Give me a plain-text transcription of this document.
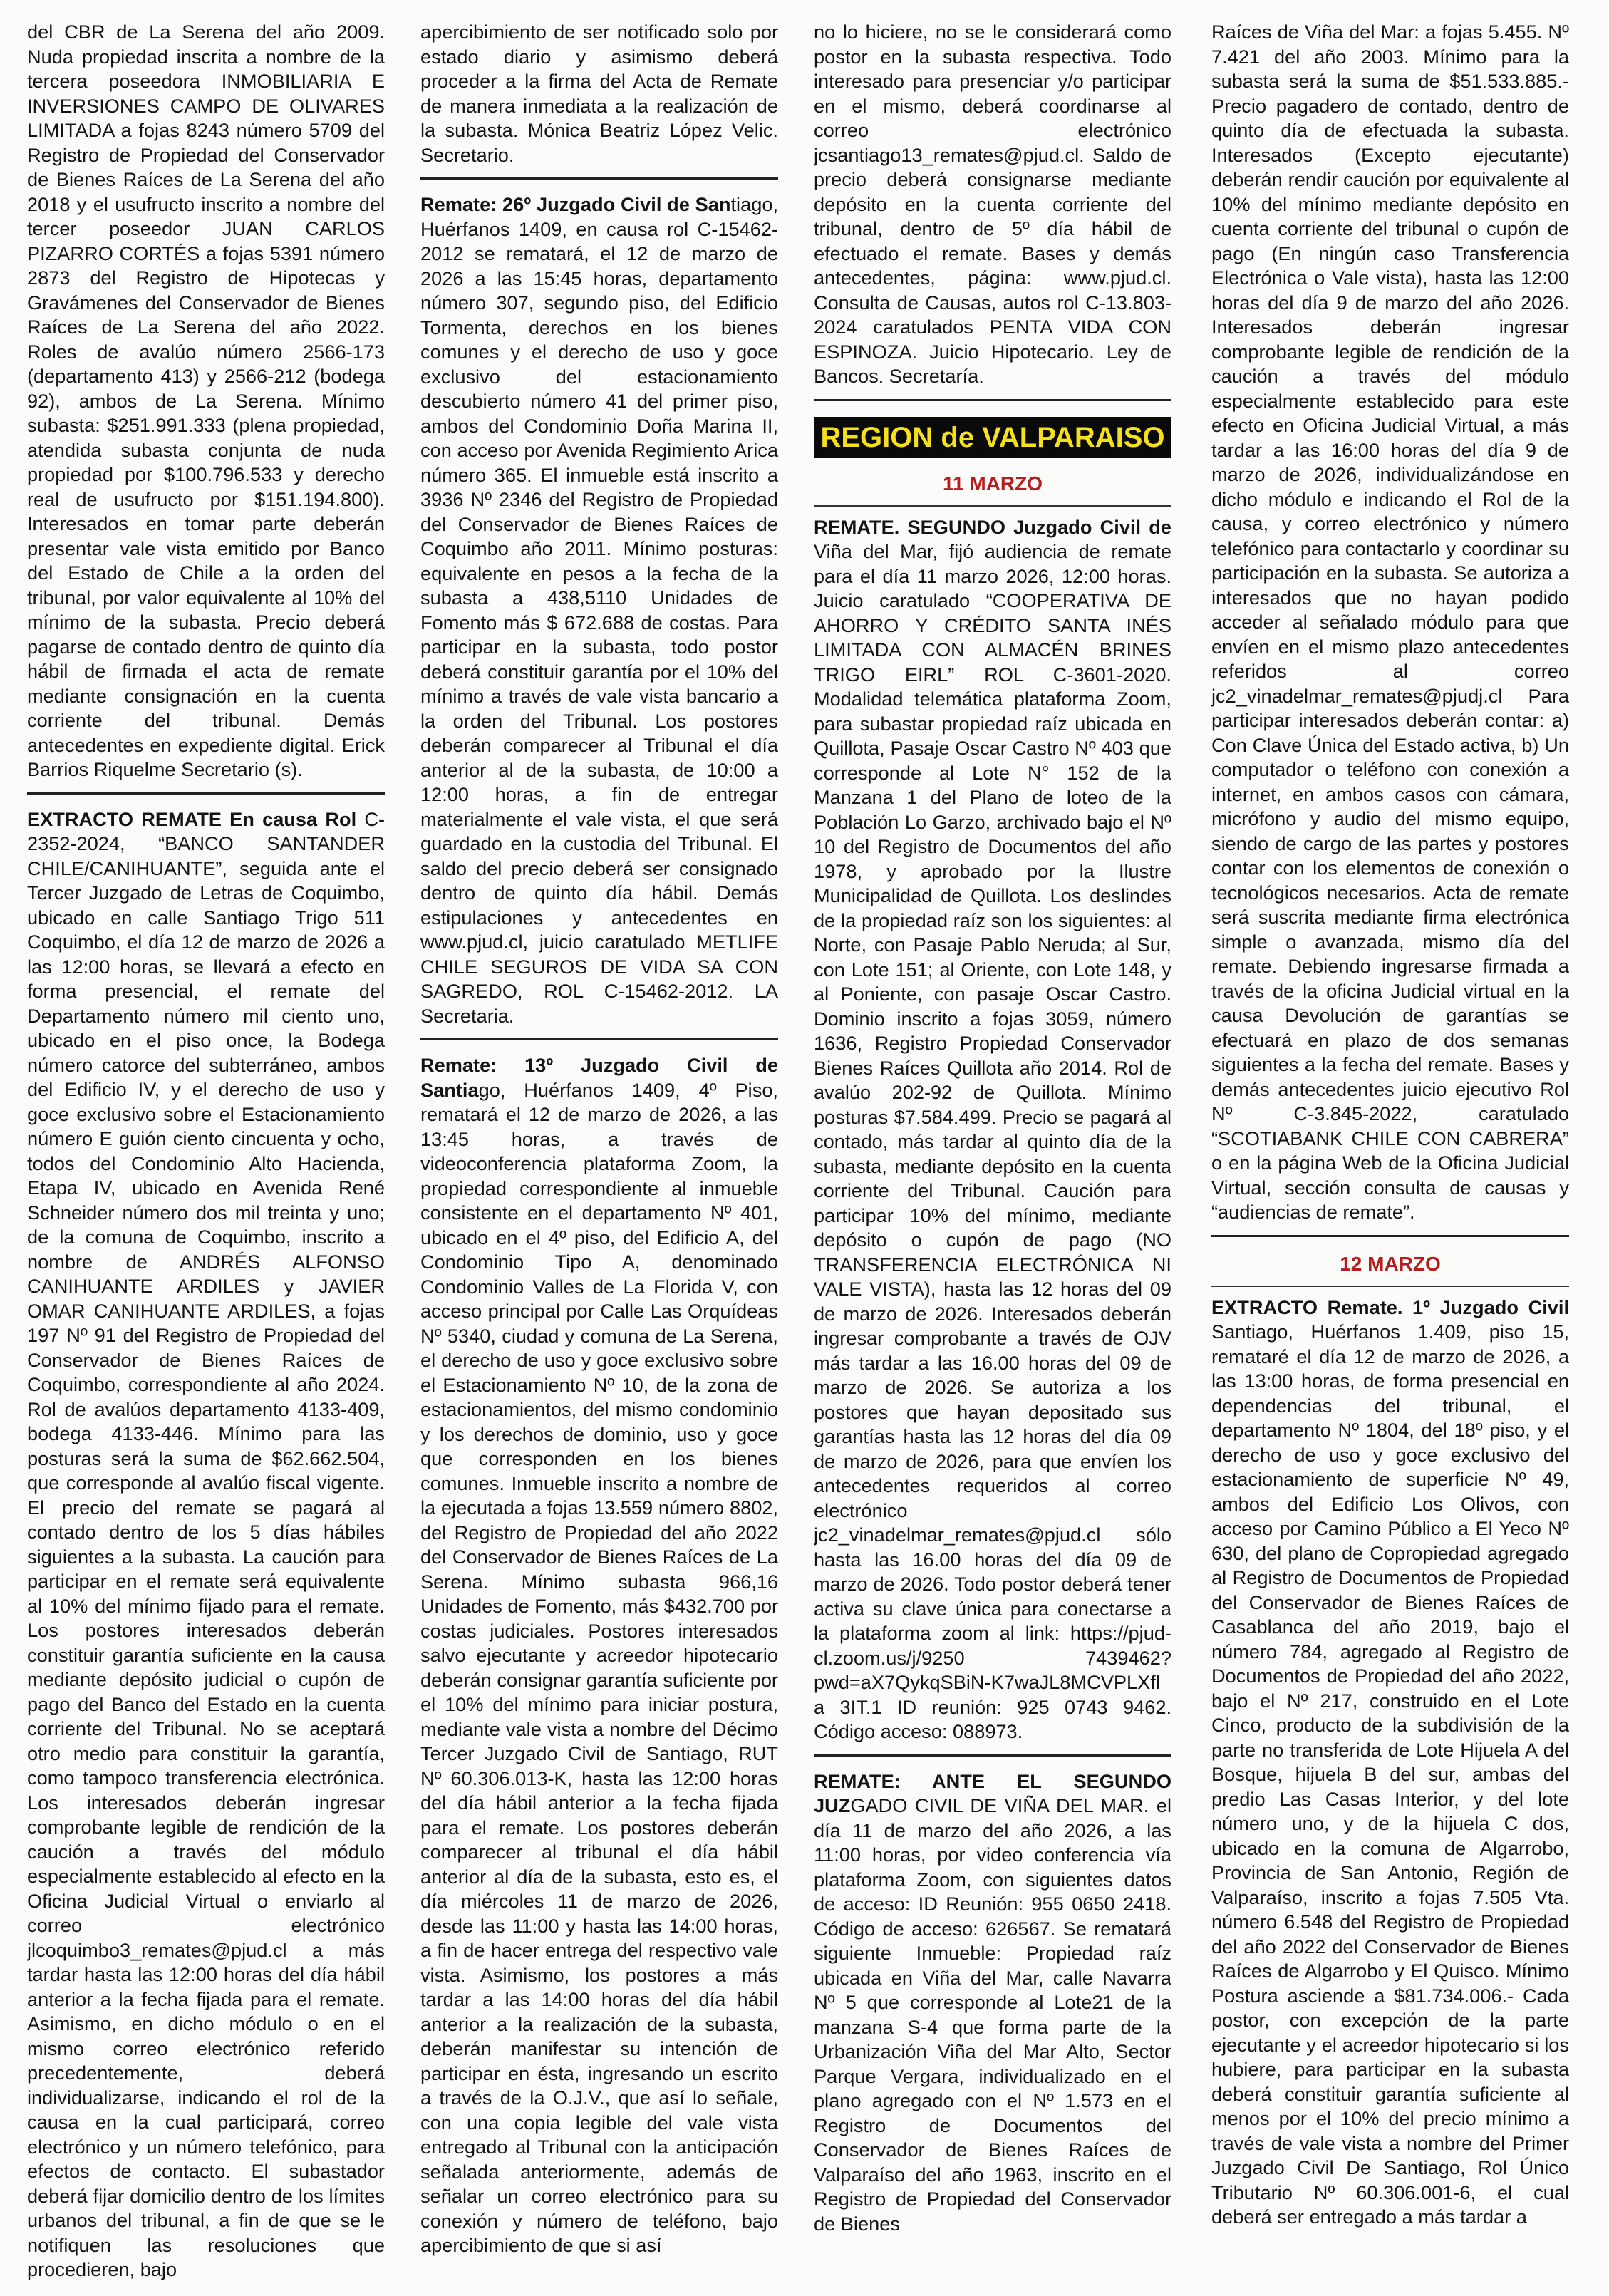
del CBR de La Serena del año 2009. Nuda propiedad inscrita a nombre de la tercera poseedora INMOBILIARIA E INVERSIONES CAMPO DE OLIVARES LIMITADA a fojas 8243 número 5709 del Registro de Propiedad del Conservador de Bienes Raíces de La Serena del año 2018 y el usufructo inscrito a nombre del tercer poseedor JUAN CARLOS PIZARRO CORTÉS a fojas 5391 número 2873 del Registro de Hipotecas y Gravámenes del Conservador de Bienes Raíces de La Serena del año 2022. Roles de avalúo número 2566-173 (departamento 413) y 2566-212 (bodega 92), ambos de La Serena. Mínimo subasta: $251.991.333 (plena propiedad, atendida subasta conjunta de nuda propiedad por $100.796.533 y derecho real de usufructo por $151.194.800). Interesados en tomar parte deberán presentar vale vista emitido por Banco del Estado de Chile a la orden del tribunal, por valor equivalente al 10% del mínimo de la subasta. Precio deberá pagarse de contado dentro de quinto día hábil de firmada el acta de remate mediante consignación en la cuenta corriente del tribunal. Demás antecedentes en expediente digital. Erick Barrios Riquelme Secretario (s).

EXTRACTO REMATE En causa Rol C-2352-2024, “BANCO SANTANDER CHILE/CANIHUANTE”, seguida ante el Tercer Juzgado de Letras de Coquimbo, ubicado en calle Santiago Trigo 511 Coquimbo, el día 12 de marzo de 2026 a las 12:00 horas, se llevará a efecto en forma presencial, el remate del Departamento número mil ciento uno, ubicado en el piso once, la Bodega número catorce del subterráneo, ambos del Edificio IV, y el derecho de uso y goce exclusivo sobre el Estacionamiento número E guión ciento cincuenta y ocho, todos del Condominio Alto Hacienda, Etapa IV, ubicado en Avenida René Schneider número dos mil treinta y uno; de la comuna de Coquimbo, inscrito a nombre de ANDRÉS ALFONSO CANIHUANTE ARDILES y JAVIER OMAR CANIHUANTE ARDILES, a fojas 197 Nº 91 del Registro de Propiedad del Conservador de Bienes Raíces de Coquimbo, correspondiente al año 2024. Rol de avalúos departamento 4133-409, bodega 4133-446. Mínimo para las posturas será la suma de $62.662.504, que corresponde al avalúo fiscal vigente. El precio del remate se pagará al contado dentro de los 5 días hábiles siguientes a la subasta. La caución para participar en el remate será equivalente al 10% del mínimo fijado para el remate. Los postores interesados deberán constituir garantía suficiente en la causa mediante depósito judicial o cupón de pago del Banco del Estado en la cuenta corriente del Tribunal. No se aceptará otro medio para constituir la garantía, como tampoco transferencia electrónica. Los interesados deberán ingresar comprobante legible de rendición de la caución a través del módulo especialmente establecido al efecto en la Oficina Judicial Virtual o enviarlo al correo electrónico jlcoquimbo3_remates@pjud.cl a más tardar hasta las 12:00 horas del día hábil anterior a la fecha fijada para el remate. Asimismo, en dicho módulo o en el mismo correo electrónico referido precedentemente, deberá individualizarse, indicando el rol de la causa en la cual participará, correo electrónico y un número telefónico, para efectos de contacto. El subastador deberá fijar domicilio dentro de los límites urbanos del tribunal, a fin de que se le notifiquen las resoluciones que procedieren, bajo

apercibimiento de ser notificado solo por estado diario y asimismo deberá proceder a la firma del Acta de Remate de manera inmediata a la realización de la subasta. Mónica Beatriz López Velic. Secretario.

Remate: 26º Juzgado Civil de Santiago, Huérfanos 1409, en causa rol C-15462-2012 se rematará, el 12 de marzo de 2026 a las 15:45 horas, departamento número 307, segundo piso, del Edificio Tormenta, derechos en los bienes comunes y el derecho de uso y goce exclusivo del estacionamiento descubierto número 41 del primer piso, ambos del Condominio Doña Marina II, con acceso por Avenida Regimiento Arica número 365. El inmueble está inscrito a 3936 Nº 2346 del Registro de Propiedad del Conservador de Bienes Raíces de Coquimbo año 2011. Mínimo posturas: equivalente en pesos a la fecha de la subasta a 438,5110 Unidades de Fomento más $ 672.688 de costas. Para participar en la subasta, todo postor deberá constituir garantía por el 10% del mínimo a través de vale vista bancario a la orden del Tribunal. Los postores deberán comparecer al Tribunal el día anterior al de la subasta, de 10:00 a 12:00 horas, a fin de entregar materialmente el vale vista, el que será guardado en la custodia del Tribunal. El saldo del precio deberá ser consignado dentro de quinto día hábil. Demás estipulaciones y antecedentes en www.pjud.cl, juicio caratulado METLIFE CHILE SEGUROS DE VIDA SA CON SAGREDO, ROL C-15462-2012. LA Secretaria.

Remate: 13º Juzgado Civil de Santiago, Huérfanos 1409, 4º Piso, rematará el 12 de marzo de 2026, a las 13:45 horas, a través de videoconferencia plataforma Zoom, la propiedad correspondiente al inmueble consistente en el departamento Nº 401, ubicado en el 4º piso, del Edificio A, del Condominio Tipo A, denominado Condominio Valles de La Florida V, con acceso principal por Calle Las Orquídeas Nº 5340, ciudad y comuna de La Serena, el derecho de uso y goce exclusivo sobre el Estacionamiento Nº 10, de la zona de estacionamientos, del mismo condominio y los derechos de dominio, uso y goce que corresponden en los bienes comunes. Inmueble inscrito a nombre de la ejecutada a fojas 13.559 número 8802, del Registro de Propiedad del año 2022 del Conservador de Bienes Raíces de La Serena. Mínimo subasta 966,16 Unidades de Fomento, más $432.700 por costas judiciales. Postores interesados salvo ejecutante y acreedor hipotecario deberán consignar garantía suficiente por el 10% del mínimo para iniciar postura, mediante vale vista a nombre del Décimo Tercer Juzgado Civil de Santiago, RUT Nº 60.306.013-K, hasta las 12:00 horas del día hábil anterior a la fecha fijada para el remate. Los postores deberán comparecer al tribunal el día hábil anterior al día de la subasta, esto es, el día miércoles 11 de marzo de 2026, desde las 11:00 y hasta las 14:00 horas, a fin de hacer entrega del respectivo vale vista. Asimismo, los postores a más tardar a las 14:00 horas del día hábil anterior a la realización de la subasta, deberán manifestar su intención de participar en ésta, ingresando un escrito a través de la O.J.V., que así lo señale, con una copia legible del vale vista entregado al Tribunal con la anticipación señalada anteriormente, además de señalar un correo electrónico para su conexión y número de teléfono, bajo apercibimiento de que si así

no lo hiciere, no se le considerará como postor en la subasta respectiva. Todo interesado para presenciar y/o participar en el mismo, deberá coordinarse al correo electrónico jcsantiago13_remates@pjud.cl. Saldo de precio deberá consignarse mediante depósito en la cuenta corriente del tribunal, dentro de 5º día hábil de efectuado el remate. Bases y demás antecedentes, página: www.pjud.cl. Consulta de Causas, autos rol C-13.803-2024 caratulados PENTA VIDA CON ESPINOZA. Juicio Hipotecario. Ley de Bancos. Secretaría.

REGION de VALPARAISO
11 MARZO

REMATE. SEGUNDO Juzgado Civil de Viña del Mar, fijó audiencia de remate para el día 11 marzo 2026, 12:00 horas. Juicio caratulado “COOPERATIVA DE AHORRO Y CRÉDITO SANTA INÉS LIMITADA CON ALMACÉN BRINES TRIGO EIRL” ROL C-3601-2020. Modalidad telemática plataforma Zoom, para subastar propiedad raíz ubicada en Quillota, Pasaje Oscar Castro Nº 403 que corresponde al Lote N° 152 de la Manzana 1 del Plano de loteo de la Población Lo Garzo, archivado bajo el Nº 10 del Registro de Documentos del año 1978, y aprobado por la Ilustre Municipalidad de Quillota. Los deslindes de la propiedad raíz son los siguientes: al Norte, con Pasaje Pablo Neruda; al Sur, con Lote 151; al Oriente, con Lote 148, y al Poniente, con pasaje Oscar Castro. Dominio inscrito a fojas 3059, número 1636, Registro Propiedad Conservador Bienes Raíces Quillota año 2014. Rol de avalúo 202-92 de Quillota. Mínimo posturas $7.584.499. Precio se pagará al contado, más tardar al quinto día de la subasta, mediante depósito en la cuenta corriente del Tribunal. Caución para participar 10% del mínimo, mediante depósito o cupón de pago (NO TRANSFERENCIA ELECTRÓNICA NI VALE VISTA), hasta las 12 horas del 09 de marzo de 2026. Interesados deberán ingresar comprobante a través de OJV más tardar a las 16.00 horas del 09 de marzo de 2026. Se autoriza a los postores que hayan depositado sus garantías hasta las 12 horas del día 09 de marzo de 2026, para que envíen los antecedentes requeridos al correo electrónico jc2_vinadelmar_remates@pjud.cl sólo hasta las 16.00 horas del día 09 de marzo de 2026. Todo postor deberá tener activa su clave única para conectarse a la plataforma zoom al link: https://pjud-cl.zoom.us/j/9250 7439462?pwd=aX7QykqSBiN-K7waJL8MCVPLXfl a 3IT.1 ID reunión: 925 0743 9462. Código acceso: 088973.

REMATE: ANTE EL SEGUNDO JUZGADO CIVIL DE VIÑA DEL MAR. el día 11 de marzo del año 2026, a las 11:00 horas, por video conferencia vía plataforma Zoom, con siguientes datos de acceso: ID Reunión: 955 0650 2418. Código de acceso: 626567. Se rematará siguiente Inmueble: Propiedad raíz ubicada en Viña del Mar, calle Navarra Nº 5 que corresponde al Lote21 de la manzana S-4 que forma parte de la Urbanización Viña del Mar Alto, Sector Parque Vergara, individualizado en el plano agregado con el Nº 1.573 en el Registro de Documentos del Conservador de Bienes Raíces de Valparaíso del año 1963, inscrito en el Registro de Propiedad del Conservador de Bienes

Raíces de Viña del Mar: a fojas 5.455. Nº 7.421 del año 2003. Mínimo para la subasta será la suma de $51.533.885.- Precio pagadero de contado, dentro de quinto día de efectuada la subasta. Interesados (Excepto ejecutante) deberán rendir caución por equivalente al 10% del mínimo mediante depósito en cuenta corriente del tribunal o cupón de pago (En ningún caso Transferencia Electrónica o Vale vista), hasta las 12:00 horas del día 9 de marzo del año 2026. Interesados deberán ingresar comprobante legible de rendición de la caución a través del módulo especialmente establecido para este efecto en Oficina Judicial Virtual, a más tardar a las 16:00 horas del día 9 de marzo de 2026, individualizándose en dicho módulo e indicando el Rol de la causa, y correo electrónico y número telefónico para contactarlo y coordinar su participación en la subasta. Se autoriza a interesados que no hayan podido acceder al señalado módulo para que envíen en el mismo plazo antecedentes referidos al correo jc2_vinadelmar_remates@pjudj.cl Para participar interesados deberán contar: a) Con Clave Única del Estado activa, b) Un computador o teléfono con conexión a internet, en ambos casos con cámara, micrófono y audio del mismo equipo, siendo de cargo de las partes y postores contar con los elementos de conexión o tecnológicos necesarios. Acta de remate será suscrita mediante firma electrónica simple o avanzada, mismo día del remate. Debiendo ingresarse firmada a través de la oficina Judicial virtual en la causa Devolución de garantías se efectuará en plazo de dos semanas siguientes a la fecha del remate. Bases y demás antecedentes juicio ejecutivo Rol Nº C-3.845-2022, caratulado “SCOTIABANK CHILE CON CABRERA” o en la página Web de la Oficina Judicial Virtual, sección consulta de causas y “audiencias de remate”.

12 MARZO

EXTRACTO Remate. 1º Juzgado Civil Santiago, Huérfanos 1.409, piso 15, remataré el día 12 de marzo de 2026, a las 13:00 horas, de forma presencial en dependencias del tribunal, el departamento Nº 1804, del 18º piso, y el derecho de uso y goce exclusivo del estacionamiento de superficie Nº 49, ambos del Edificio Los Olivos, con acceso por Camino Público a El Yeco Nº 630, del plano de Copropiedad agregado al Registro de Documentos de Propiedad del Conservador de Bienes Raíces de Casablanca del año 2019, bajo el número 784, agregado al Registro de Documentos de Propiedad del año 2022, bajo el Nº 217, construido en el Lote Cinco, producto de la subdivisión de la parte no transferida de Lote Hijuela A del Bosque, hijuela B del sur, ambas del predio Las Casas Interior, y del lote número uno, y de la hijuela C dos, ubicado en la comuna de Algarrobo, Provincia de San Antonio, Región de Valparaíso, inscrito a fojas 7.505 Vta. número 6.548 del Registro de Propiedad del año 2022 del Conservador de Bienes Raíces de Algarrobo y El Quisco. Mínimo Postura asciende a $81.734.006.- Cada postor, con excepción de la parte ejecutante y el acreedor hipotecario si los hubiere, para participar en la subasta deberá constituir garantía suficiente al menos por el 10% del precio mínimo a través de vale vista a nombre del Primer Juzgado Civil De Santiago, Rol Único Tributario Nº 60.306.001-6, el cual deberá ser entregado a más tardar a
